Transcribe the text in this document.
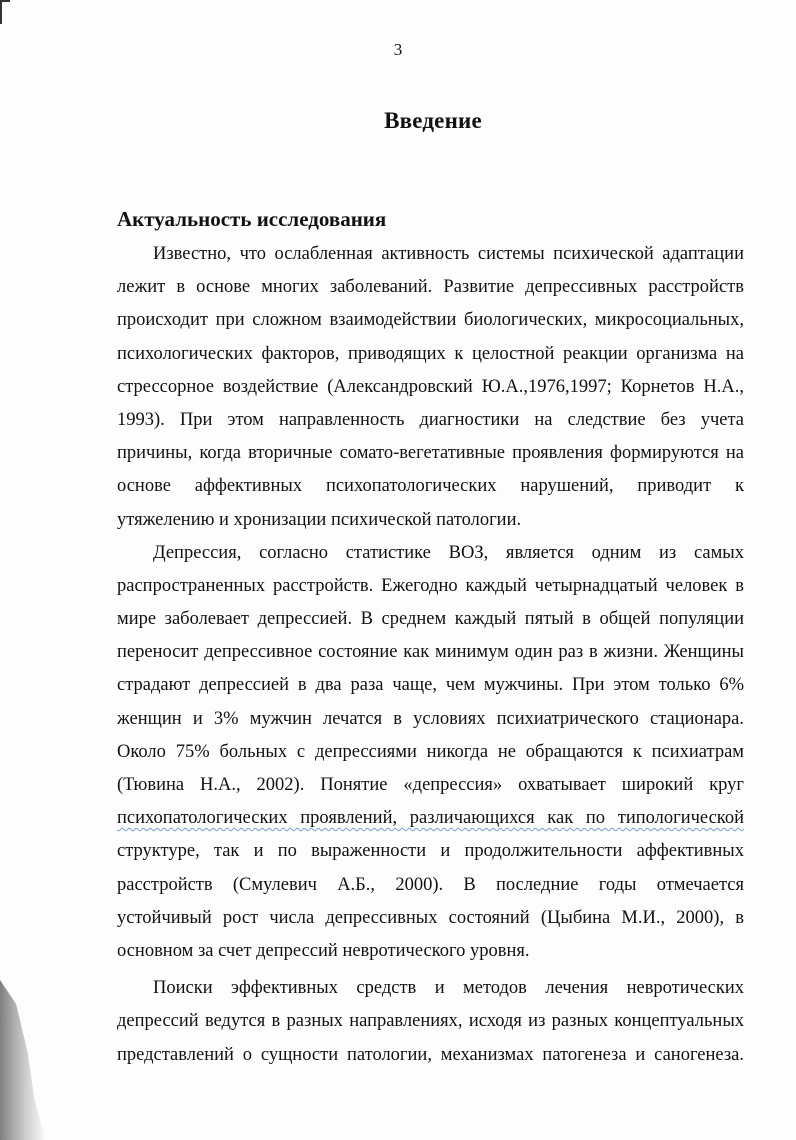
3
Введение
Актуальность исследования
Известно, что ослабленная активность системы психической адаптации
лежит в основе многих заболеваний. Развитие депрессивных расстройств
происходит при сложном взаимодействии биологических, микросоциальных,
психологических факторов, приводящих к целостной реакции организма на
стрессорное воздействие (Александровский Ю.А.,1976,1997; Корнетов Н.А.,
1993). При этом направленность диагностики на следствие без учета
причины, когда вторичные сомато-вегетативные проявления формируются на
основе аффективных психопатологических нарушений, приводит к
утяжелению и хронизации психической патологии.
Депрессия, согласно статистике ВОЗ, является одним из самых
распространенных расстройств. Ежегодно каждый четырнадцатый человек в
мире заболевает депрессией. В среднем каждый пятый в общей популяции
переносит депрессивное состояние как минимум один раз в жизни. Женщины
страдают депрессией в два раза чаще, чем мужчины. При этом только 6%
женщин и 3% мужчин лечатся в условиях психиатрического стационара.
Около 75% больных с депрессиями никогда не обращаются к психиатрам
(Тювина Н.А., 2002). Понятие «депрессия» охватывает широкий круг
психопатологических проявлений, различающихся как по типологической
структуре, так и по выраженности и продолжительности аффективных
расстройств (Смулевич А.Б., 2000). В последние годы отмечается
устойчивый рост числа депрессивных состояний (Цыбина М.И., 2000), в
основном за счет депрессий невротического уровня.
Поиски эффективных средств и методов лечения невротических
депрессий ведутся в разных направлениях, исходя из разных концептуальных
представлений о сущности патологии, механизмах патогенеза и саногенеза.
